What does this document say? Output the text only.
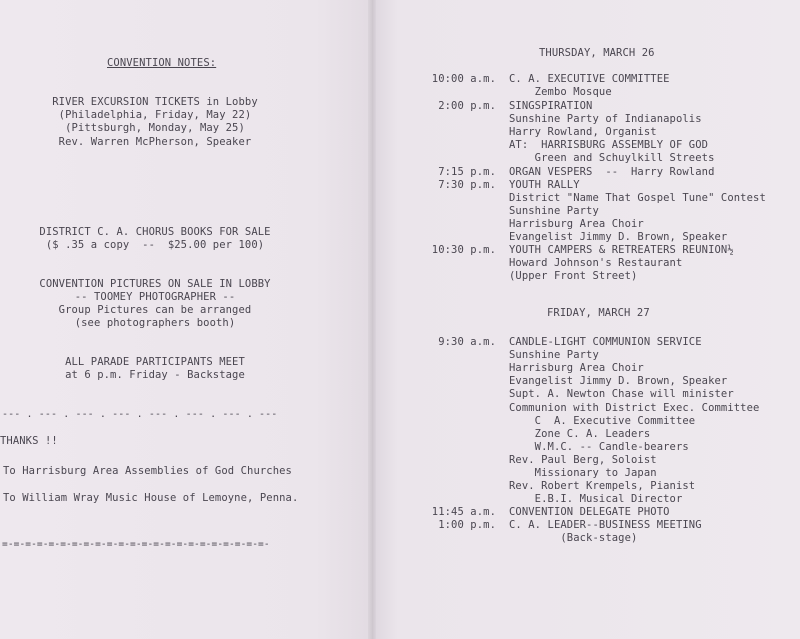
CONVENTION NOTES:
RIVER EXCURSION TICKETS in Lobby
(Philadelphia, Friday, May 22)
(Pittsburgh, Monday, May 25)
Rev. Warren McPherson, Speaker
DISTRICT C. A. CHORUS BOOKS FOR SALE
($ .35 a copy  --  $25.00 per 100)
CONVENTION PICTURES ON SALE IN LOBBY
-- TOOMEY PHOTOGRAPHER --
Group Pictures can be arranged
(see photographers booth)
ALL PARADE PARTICIPANTS MEET
at 6 p.m. Friday - Backstage
--- . --- . --- . --- . --- . --- . --- . ---
THANKS !!
To Harrisburg Area Assemblies of God Churches
To William Wray Music House of Lemoyne, Penna.
=-=-=-=-=-=-=-=-=-=-=-=-=-=-=-=-=-=-=-=-=-=-=-
THURSDAY, MARCH 26
10:00 a.m. C. A. EXECUTIVE COMMITTEE
Zembo Mosque
2:00 p.m. SINGSPIRATION
Sunshine Party of Indianapolis
Harry Rowland, Organist
AT:  HARRISBURG ASSEMBLY OF GOD
Green and Schuylkill Streets
7:15 p.m. ORGAN VESPERS  --  Harry Rowland
7:30 p.m. YOUTH RALLY
District "Name That Gospel Tune" Contest
Sunshine Party
Harrisburg Area Choir
Evangelist Jimmy D. Brown, Speaker
10:30 p.m. YOUTH CAMPERS & RETREATERS REUNION½
Howard Johnson's Restaurant
(Upper Front Street)
FRIDAY, MARCH 27
9:30 a.m. CANDLE-LIGHT COMMUNION SERVICE
Sunshine Party
Harrisburg Area Choir
Evangelist Jimmy D. Brown, Speaker
Supt. A. Newton Chase will minister
Communion with District Exec. Committee
C  A. Executive Committee
Zone C. A. Leaders
W.M.C. -- Candle-bearers
Rev. Paul Berg, Soloist
Missionary to Japan
Rev. Robert Krempels, Pianist
E.B.I. Musical Director
11:45 a.m. CONVENTION DELEGATE PHOTO
1:00 p.m. C. A. LEADER--BUSINESS MEETING
(Back-stage)
